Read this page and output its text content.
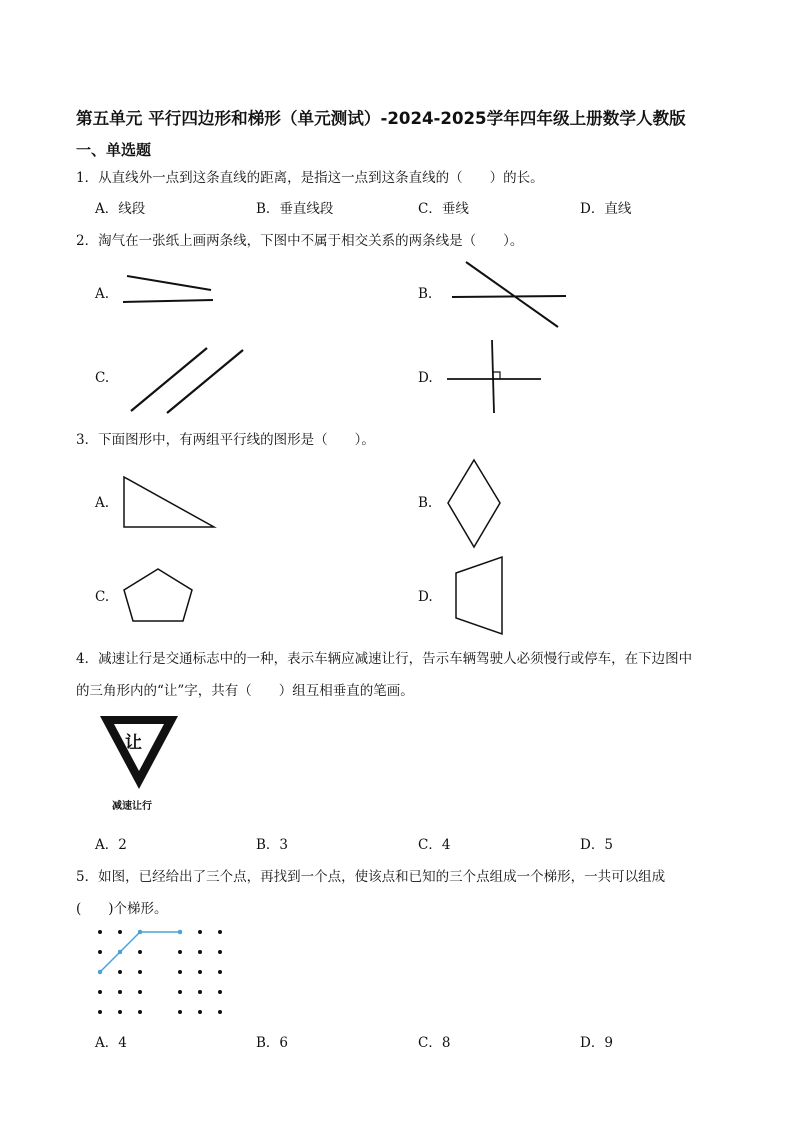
第五单元 平行四边形和梯形（单元测试）-2024-2025学年四年级上册数学人教版
一、单选题
1．从直线外一点到这条直线的距离，是指这一点到这条直线的（　　）的长。
A．线段	B．垂直线段	C．垂线	D．直线
2．淘气在一张纸上画两条线，下图中不属于相交关系的两条线是（　　）。
A.	B.
C.	D.
3．下面图形中，有两组平行线的图形是（　　）。
A.	B.
C.	D.
4．减速让行是交通标志中的一种，表示车辆应减速让行，告示车辆驾驶人必须慢行或停车，在下边图中
的三角形内的“让”字，共有（　　）组互相垂直的笔画。
让
减速让行
A．2	B．3	C．4	D．5
5．如图，已经给出了三个点，再找到一个点，使该点和已知的三个点组成一个梯形，一共可以组成
(　　)个梯形。
A．4	B．6	C．8	D．9
